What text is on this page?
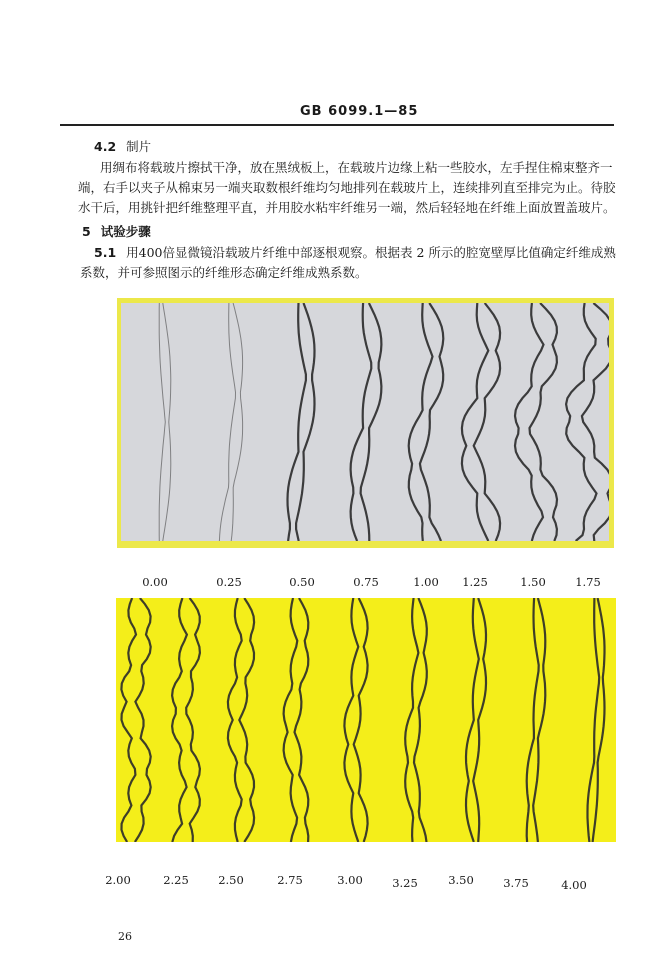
GB 6099.1—85
4.2 制片
用绸布将载玻片擦拭干净，放在黑绒板上，在载玻片边缘上粘一些胶水，左手捏住棉束整齐一端，右手以夹子从棉束另一端夹取数根纤维均匀地排列在载玻片上，连续排列直至排完为止。待胶水干后，用挑针把纤维整理平直，并用胶水粘牢纤维另一端，然后轻轻地在纤维上面放置盖玻片。
5 试验步骤
5.1 用400倍显微镜沿载玻片纤维中部逐根观察。根据表 2 所示的腔宽壁厚比值确定纤维成熟系数，并可参照图示的纤维形态确定纤维成熟系数。
0.00	0.25	0.50	0.75	1.00 1.25	1.50	1.75
2.00	2.25	2.50	2.75	3.00	3.25	3.50	3.75	4.00
26
